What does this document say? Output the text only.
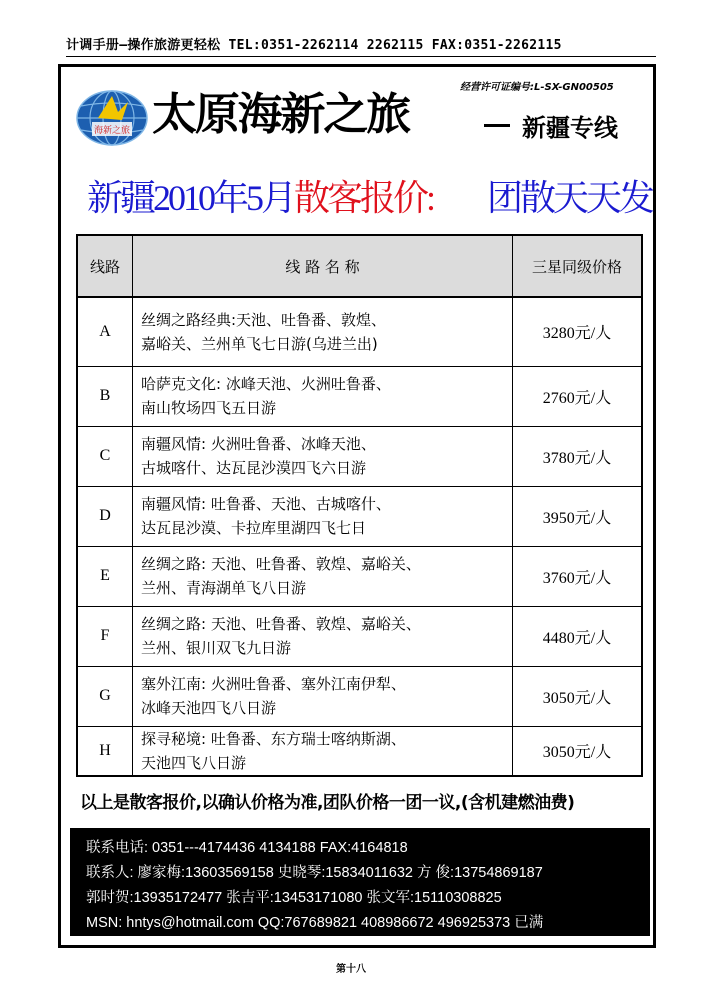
计调手册—操作旅游更轻松 TEL:0351-2262114 2262115 FAX:0351-2262115
经营许可证编号:L-SX-GN00505
海新之旅 太原海新之旅	新疆专线
新疆2010年5月散客报价: 团散天天发
线路	线 路 名 称	三星同级价格
A	丝绸之路经典:天池、吐鲁番、敦煌、
嘉峪关、兰州单飞七日游(乌进兰出)	3280元/人
B	哈萨克文化: 冰峰天池、火洲吐鲁番、
南山牧场四飞五日游	2760元/人
C	南疆风情: 火洲吐鲁番、冰峰天池、
古城喀什、达瓦昆沙漠四飞六日游	3780元/人
D	南疆风情: 吐鲁番、天池、古城喀什、
达瓦昆沙漠、卡拉库里湖四飞七日	3950元/人
E	丝绸之路: 天池、吐鲁番、敦煌、嘉峪关、
兰州、青海湖单飞八日游	3760元/人
F	丝绸之路: 天池、吐鲁番、敦煌、嘉峪关、
兰州、银川双飞九日游	4480元/人
G	塞外江南: 火洲吐鲁番、塞外江南伊犁、
冰峰天池四飞八日游	3050元/人
H	探寻秘境: 吐鲁番、东方瑞士喀纳斯湖、
天池四飞八日游	3050元/人
以上是散客报价,以确认价格为准,团队价格一团一议,(含机建燃油费)
联系电话: 0351---4174436 4134188 FAX:4164818
联系人: 廖家梅:13603569158 史晓琴:15834011632 方 俊:13754869187
郭时贺:13935172477 张吉平:13453171080 张文军:15110308825
MSN: hntys@hotmail.com QQ:767689821 408986672 496925373 已满
第十八
